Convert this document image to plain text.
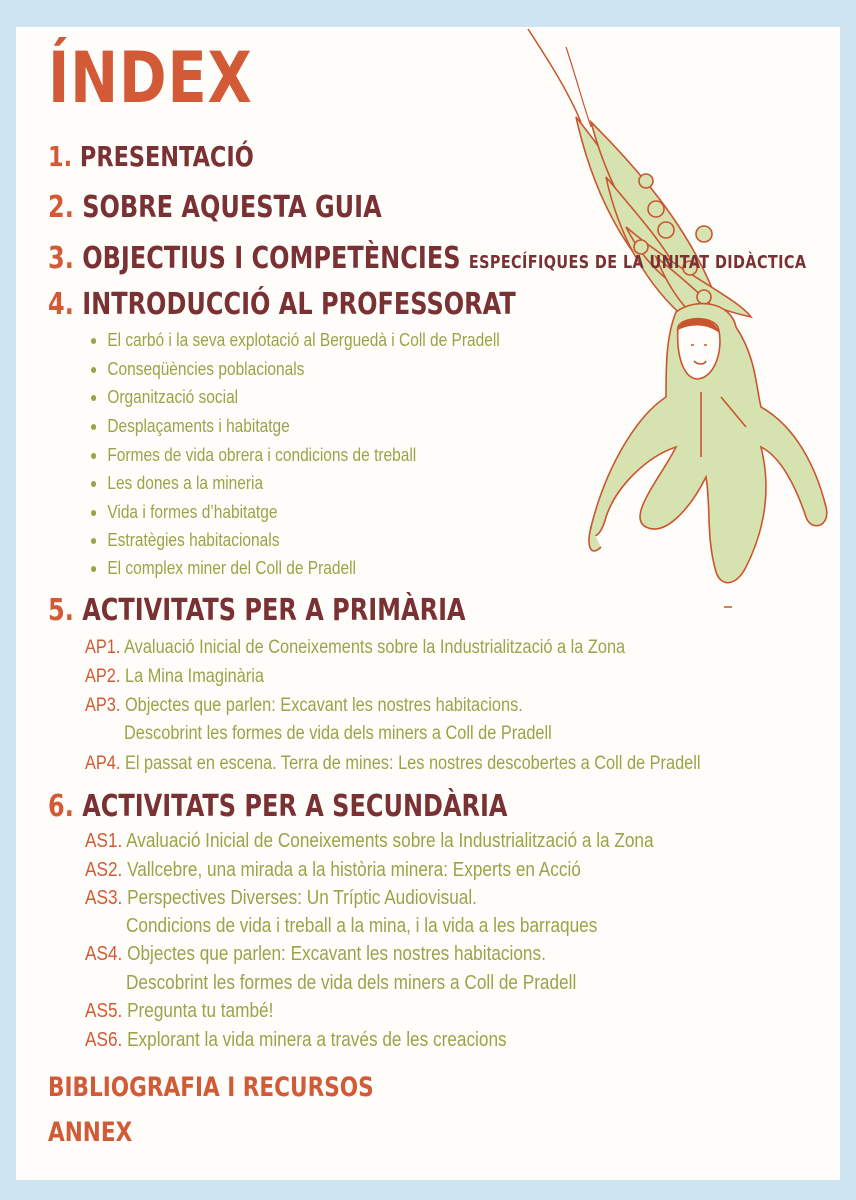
ÍNDEX
1. PRESENTACIÓ
2. SOBRE AQUESTA GUIA
3. OBJECTIUS I COMPETÈNCIES ESPECÍFIQUES DE LA UNITAT DIDÀCTICA
4. INTRODUCCIÓ AL PROFESSORAT
El carbó i la seva explotació al Berguedà i Coll de Pradell
Conseqüències poblacionals
Organització social
Desplaçaments i habitatge
Formes de vida obrera i condicions de treball
Les dones a la mineria
Vida i formes d’habitatge
Estratègies habitacionals
El complex miner del Coll de Pradell
5. ACTIVITATS PER A PRIMÀRIA
AP1. Avaluació Inicial de Coneixements sobre la Industrialització a la Zona
AP2. La Mina Imaginària
AP3. Objectes que parlen: Excavant les nostres habitacions.
Descobrint les formes de vida dels miners a Coll de Pradell
AP4. El passat en escena. Terra de mines: Les nostres descobertes a Coll de Pradell
6. ACTIVITATS PER A SECUNDÀRIA
AS1. Avaluació Inicial de Coneixements sobre la Industrialització a la Zona
AS2. Vallcebre, una mirada a la història minera: Experts en Acció
AS3. Perspectives Diverses: Un Tríptic Audiovisual.
Condicions de vida i treball a la mina, i la vida a les barraques
AS4. Objectes que parlen: Excavant les nostres habitacions.
Descobrint les formes de vida dels miners a Coll de Pradell
AS5. Pregunta tu també!
AS6. Explorant la vida minera a través de les creacions
BIBLIOGRAFIA I RECURSOS
ANNEX
